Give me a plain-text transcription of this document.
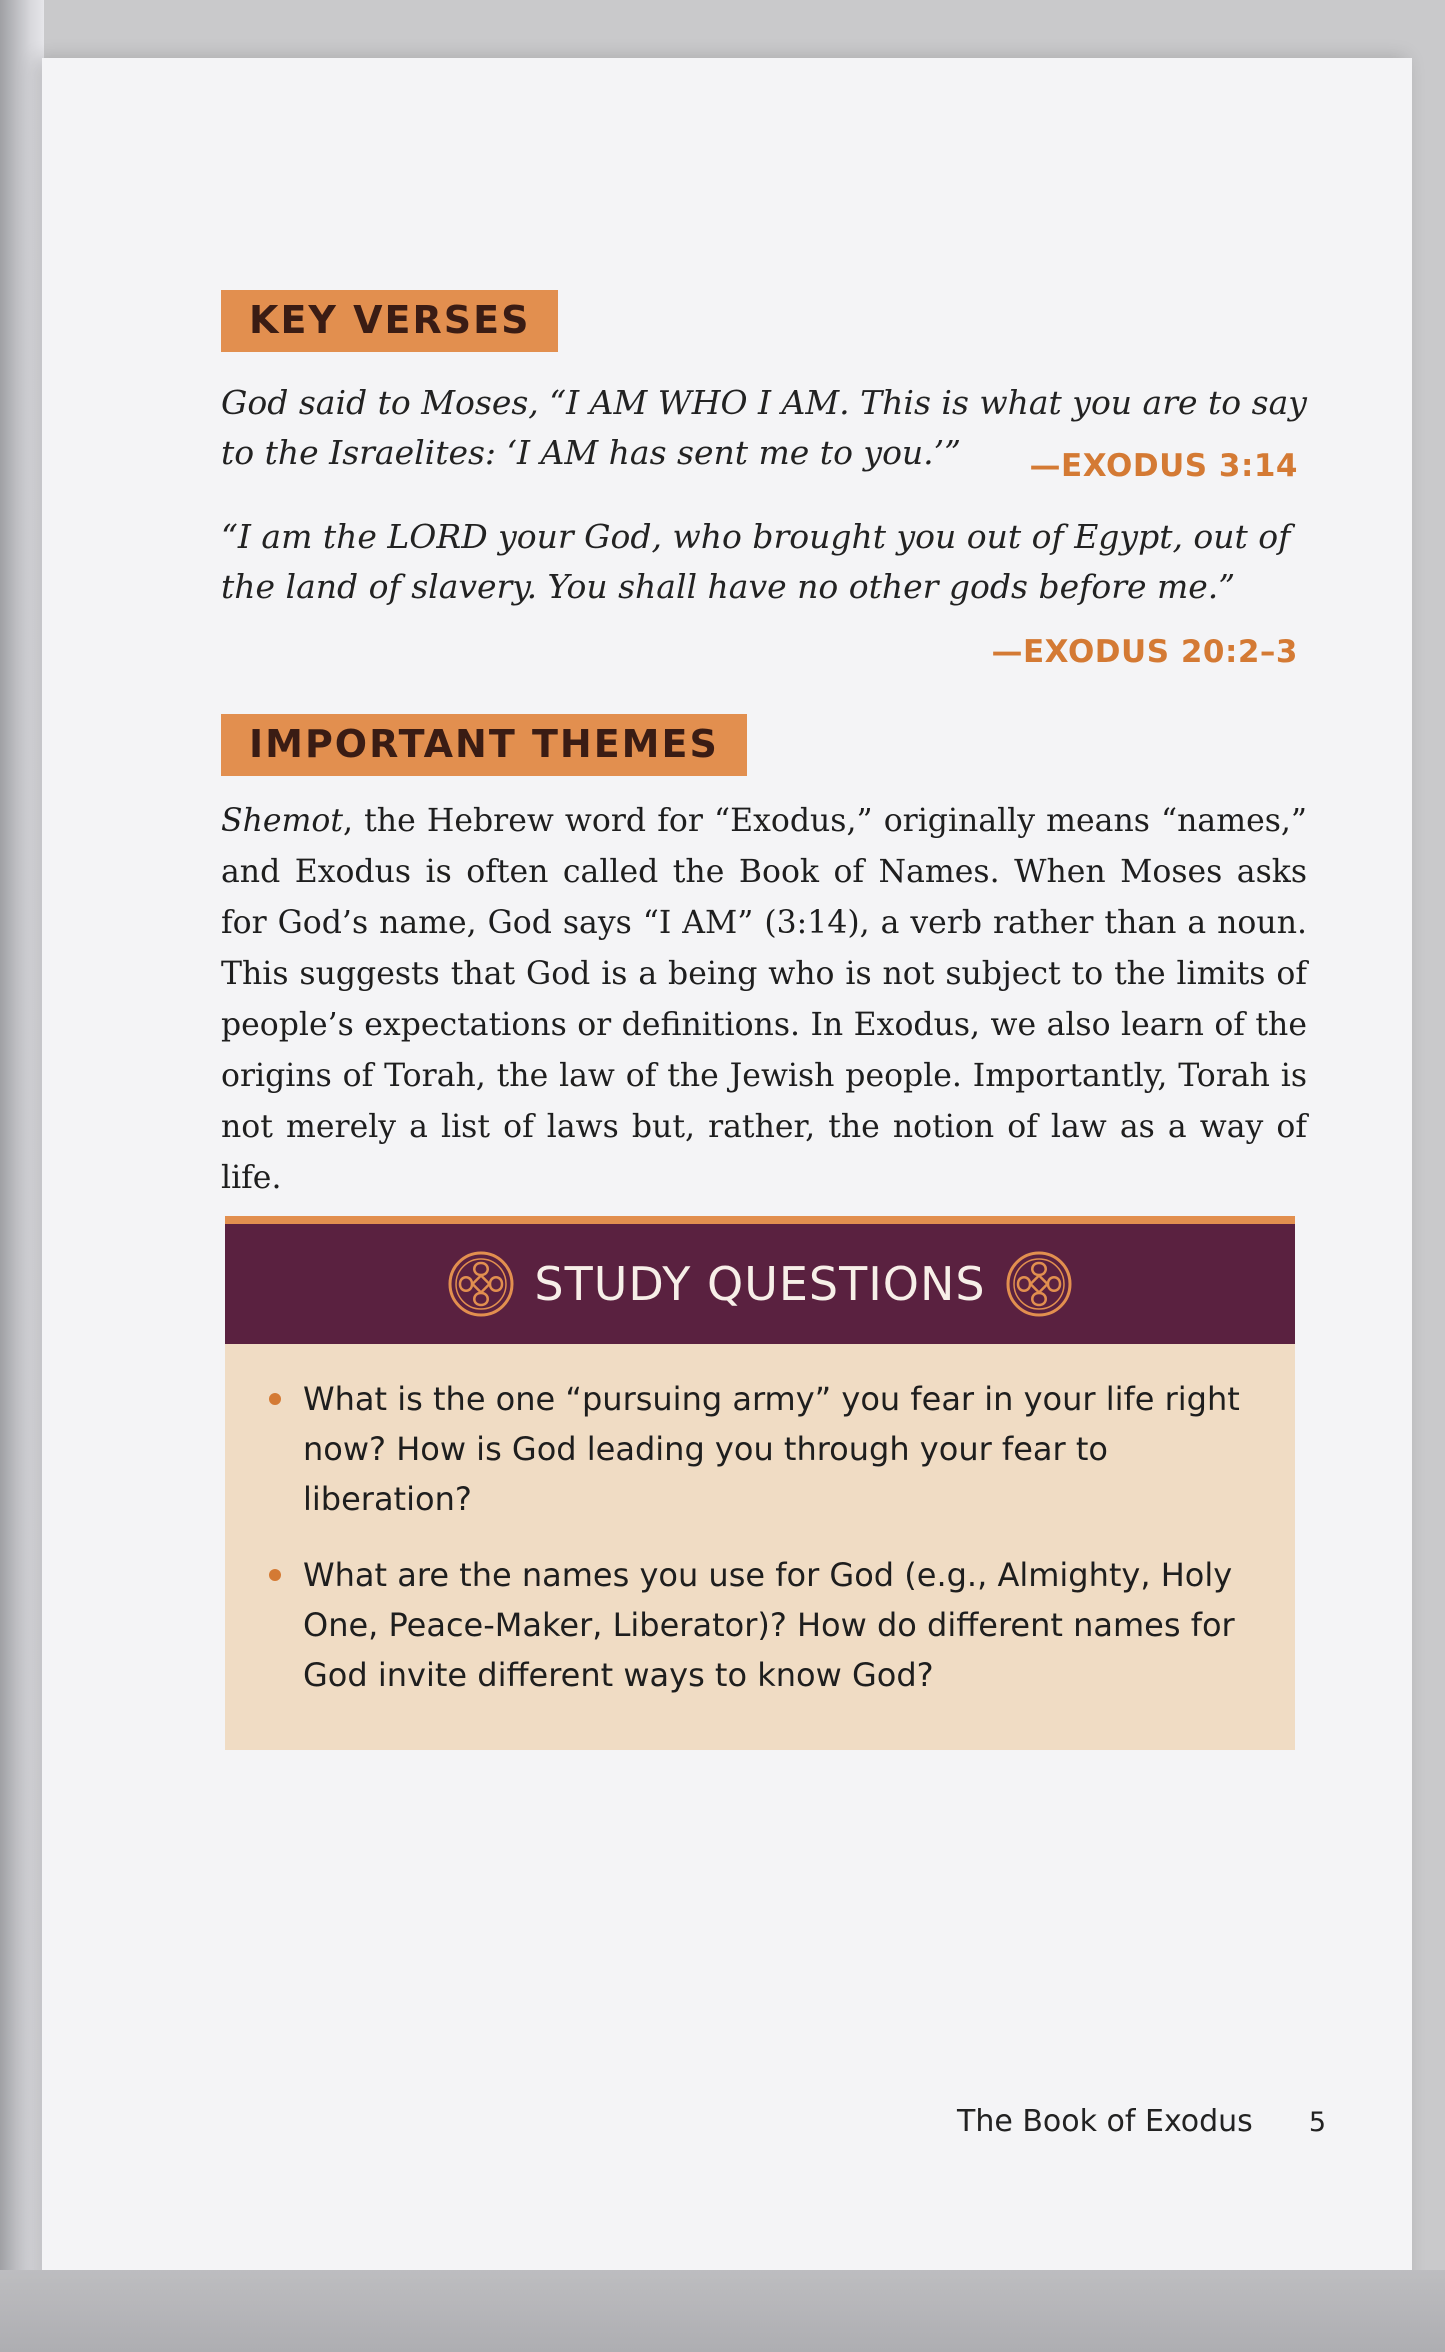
KEY VERSES
God said to Moses, “I AM WHO I AM. This is what you are to say to the Israelites: ‘I AM has sent me to you.’”	—EXODUS 3:14
“I am the LORD your God, who brought you out of Egypt, out of the land of slavery. You shall have no other gods before me.”
—EXODUS 20:2–3
IMPORTANT THEMES
Shemot, the Hebrew word for “Exodus,” originally means “names,” and Exodus is often called the Book of Names. When Moses asks for God’s name, God says “I AM” (3:14), a verb rather than a noun. This suggests that God is a being who is not subject to the limits of people’s expectations or definitions. In Exodus, we also learn of the origins of Torah, the law of the Jewish people. Importantly, Torah is not merely a list of laws but, rather, the notion of law as a way of life.
STUDY QUESTIONS
What is the one “pursuing army” you fear in your life right now? How is God leading you through your fear to liberation?
What are the names you use for God (e.g., Almighty, Holy One, Peace-Maker, Liberator)? How do different names for God invite different ways to know God?
The Book of Exodus 5
